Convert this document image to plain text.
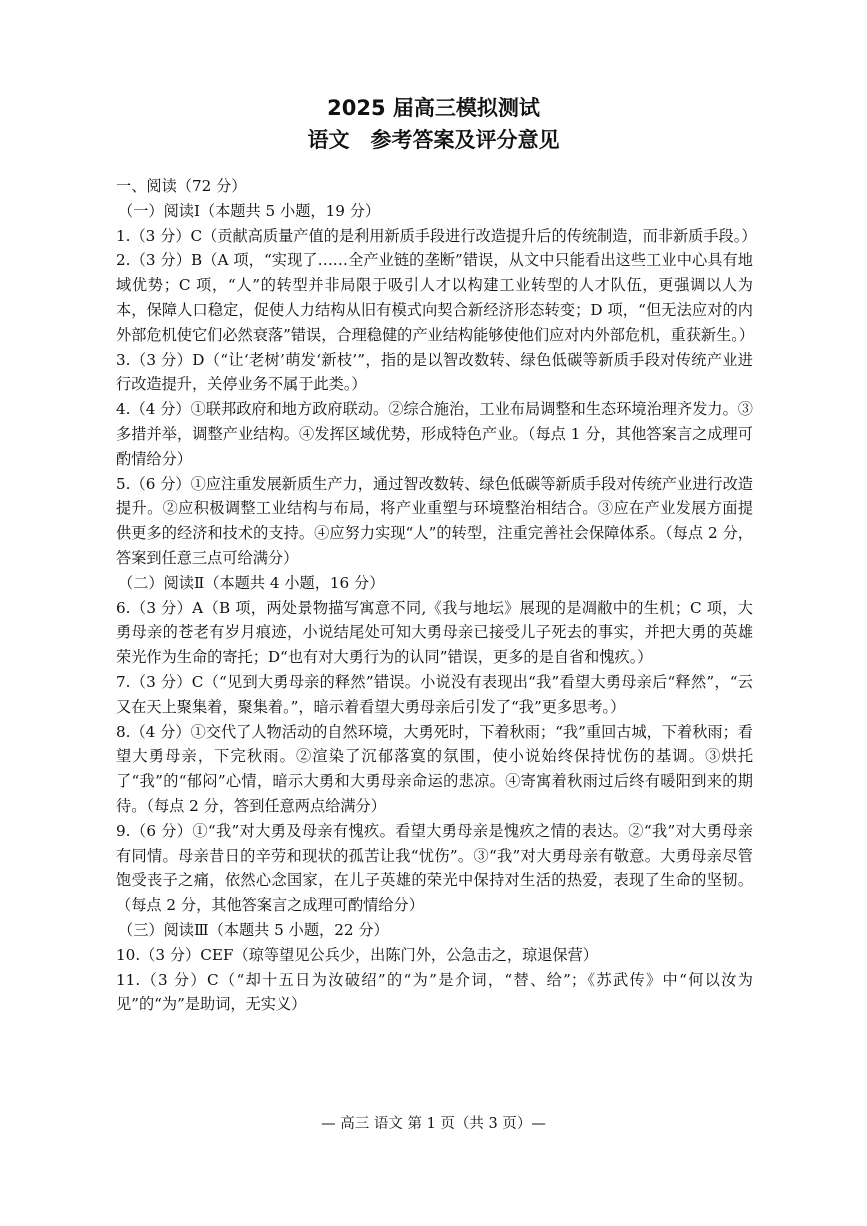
2025 届高三模拟测试
语文　参考答案及评分意见

一、阅读（72 分）

（一）阅读Ⅰ（本题共 5 小题，19 分）

1.（3 分）C（贡献高质量产值的是利用新质手段进行改造提升后的传统制造，而非新质手段。）

2.（3 分）B（A 项，“实现了……全产业链的垄断”错误，从文中只能看出这些工业中心具有地域优势；C 项，“人”的转型并非局限于吸引人才以构建工业转型的人才队伍，更强调以人为本，保障人口稳定，促使人力结构从旧有模式向契合新经济形态转变；D 项，“但无法应对的内外部危机使它们必然衰落”错误，合理稳健的产业结构能够使他们应对内外部危机，重获新生。）

3.（3 分）D（“让‘老树’萌发‘新枝’”，指的是以智改数转、绿色低碳等新质手段对传统产业进行改造提升，关停业务不属于此类。）

4.（4 分）①联邦政府和地方政府联动。②综合施治，工业布局调整和生态环境治理齐发力。③多措并举，调整产业结构。④发挥区域优势，形成特色产业。（每点 1 分，其他答案言之成理可酌情给分）

5.（6 分）①应注重发展新质生产力，通过智改数转、绿色低碳等新质手段对传统产业进行改造提升。②应积极调整工业结构与布局，将产业重塑与环境整治相结合。③应在产业发展方面提供更多的经济和技术的支持。④应努力实现“人”的转型，注重完善社会保障体系。（每点 2 分，答案到任意三点可给满分）

（二）阅读Ⅱ（本题共 4 小题，16 分）

6.（3 分）A（B 项，两处景物描写寓意不同,《我与地坛》展现的是凋敝中的生机；C 项，大勇母亲的苍老有岁月痕迹，小说结尾处可知大勇母亲已接受儿子死去的事实，并把大勇的英雄荣光作为生命的寄托；D“也有对大勇行为的认同”错误，更多的是自省和愧疚。）

7.（3 分）C（“见到大勇母亲的释然”错误。小说没有表现出“我”看望大勇母亲后“释然”，“云又在天上聚集着，聚集着。”，暗示着看望大勇母亲后引发了“我”更多思考。）

8.（4 分）①交代了人物活动的自然环境，大勇死时，下着秋雨；“我”重回古城，下着秋雨；看望大勇母亲，下完秋雨。②渲染了沉郁落寞的氛围，使小说始终保持忧伤的基调。③烘托了“我”的“郁闷”心情，暗示大勇和大勇母亲命运的悲凉。④寄寓着秋雨过后终有暖阳到来的期待。（每点 2 分，答到任意两点给满分）

9.（6 分）①“我”对大勇及母亲有愧疚。看望大勇母亲是愧疚之情的表达。②“我”对大勇母亲有同情。母亲昔日的辛劳和现状的孤苦让我“忧伤”。③“我”对大勇母亲有敬意。大勇母亲尽管饱受丧子之痛，依然心念国家，在儿子英雄的荣光中保持对生活的热爱，表现了生命的坚韧。（每点 2 分，其他答案言之成理可酌情给分）

（三）阅读Ⅲ（本题共 5 小题，22 分）

10.（3 分）CEF（琼等望见公兵少，出陈门外，公急击之，琼退保营）

11.（3 分）C（“却十五日为汝破绍”的“为”是介词，“替、给”；《苏武传》中“何以汝为见”的“为”是助词，无实义）

— 高三 语文 第 1 页（共 3 页）—
